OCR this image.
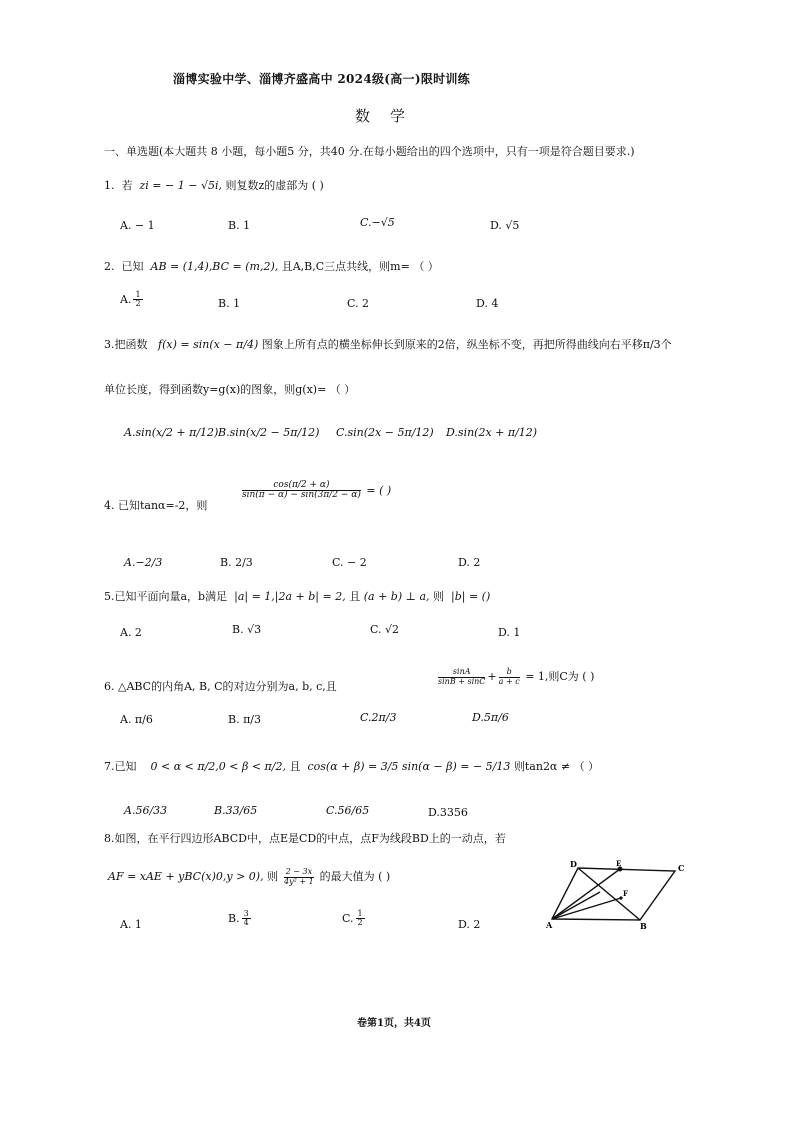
淄博实验中学、淄博齐盛高中 2024级(高一)限时训练
数学
一、单选题(本大题共 8 小题，每小题5 分，共40 分.在每小题给出的四个选项中，只有一项是符合题目要求.)
1. 若 zi = − 1 − √5i, 则复数z的虚部为 ( )
A. − 1	B. 1	C.−√5	D. √5
2. 已知 AB = (1,4),BC = (m,2), 且A,B,C三点共线，则m= （ ）
A. $\frac{1}{2}$	B. 1	C. 2	D. 4
3.把函数 f(x) = sin(x − π/4) 图象上所有点的横坐标伸长到原来的2倍，纵坐标不变，再把所得曲线向右平移π/3个
单位长度，得到函数y=g(x)的图象，则g(x)= （ ）
A.sin(x/2 + π/12) B.sin(x/2 − 5π/12) C.sin(2x − 5π/12) D.sin(2x + π/12)
4. 已知tanα=-2，则
$\frac{\cos(\pi/2 + \alpha)}{\sin(\pi - \alpha) - \sin(3\pi/2 - \alpha)}$ = ( )
A.−2/3	B. 2/3	C. − 2	D. 2
5.已知平面向量a，b满足 |a| = 1,|2a + b| = 2, 且 (a + b) ⊥ a, 则 |b| = ()
A. 2	B. √3	C. √2	D. 1
6. △ABC的内角A, B, C的对边分别为a, b, c,且
$\frac{\sin A}{\sin B + \sin C} + \frac{b}{a + c} = 1$,则C为 ( )
A. π/6	B. π/3	C.2π/3	D.5π/6
7.已知 0 < α < π/2,0 < β < π/2, 且 cos(α + β) = 3/5 sin(α − β) = − 5/13 则tan2α ≠ （ ）
A.56/33	B.33/65	C.56/65	D.3356
8.如图，在平行四边形ABCD中，点E是CD的中点，点F为线段BD上的一动点，若
AF = xAE + yBC(x)0,y > 0), 则 $\frac{2 - 3x}{\text{4y² + 1}}$ 的最大值为 ( )
A. 1	B. $\frac{3}{4}$	C. $\frac{1}{2}$	D. 2
D	C
E
F
A	B
卷第1页，共4页
